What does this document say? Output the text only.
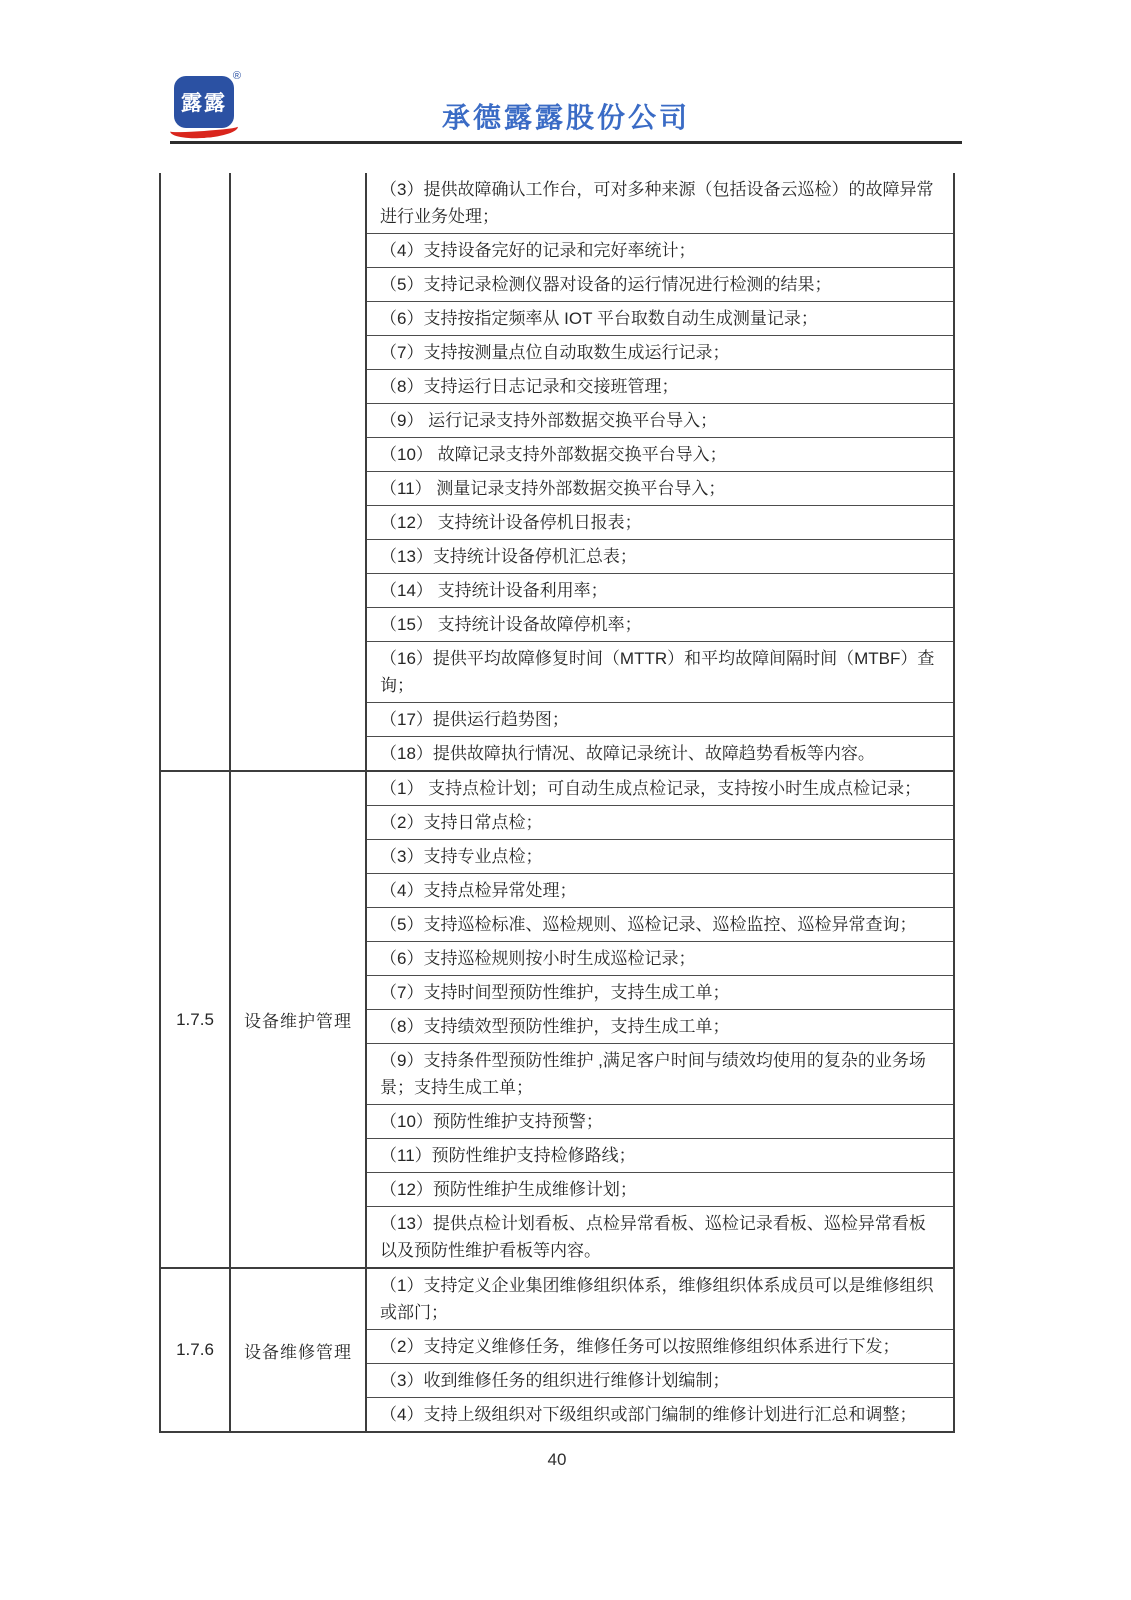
露露
®
承德露露股份公司
（3）提供故障确认工作台，可对多种来源（包括设备云巡检）的故障异常进行业务处理；
（4）支持设备完好的记录和完好率统计；
（5）支持记录检测仪器对设备的运行情况进行检测的结果；
（6）支持按指定频率从 IOT 平台取数自动生成测量记录；
（7）支持按测量点位自动取数生成运行记录；
（8）支持运行日志记录和交接班管理；
（9） 运行记录支持外部数据交换平台导入；
（10） 故障记录支持外部数据交换平台导入；
（11） 测量记录支持外部数据交换平台导入；
（12） 支持统计设备停机日报表；
（13）支持统计设备停机汇总表；
（14） 支持统计设备利用率；
（15） 支持统计设备故障停机率；
（16）提供平均故障修复时间（MTTR）和平均故障间隔时间（MTBF）查询；
（17）提供运行趋势图；
（18）提供故障执行情况、故障记录统计、故障趋势看板等内容。
1.7.5	设备维护管理
（1） 支持点检计划；可自动生成点检记录，支持按小时生成点检记录；
（2）支持日常点检；
（3）支持专业点检；
（4）支持点检异常处理；
（5）支持巡检标准、巡检规则、巡检记录、巡检监控、巡检异常查询；
（6）支持巡检规则按小时生成巡检记录；
（7）支持时间型预防性维护，支持生成工单；
（8）支持绩效型预防性维护，支持生成工单；
（9）支持条件型预防性维护 ,满足客户时间与绩效均使用的复杂的业务场景；支持生成工单；
（10）预防性维护支持预警；
（11）预防性维护支持检修路线；
（12）预防性维护生成维修计划；
（13）提供点检计划看板、点检异常看板、巡检记录看板、巡检异常看板以及预防性维护看板等内容。
1.7.6	设备维修管理
（1）支持定义企业集团维修组织体系，维修组织体系成员可以是维修组织或部门；
（2）支持定义维修任务，维修任务可以按照维修组织体系进行下发；
（3）收到维修任务的组织进行维修计划编制；
（4）支持上级组织对下级组织或部门编制的维修计划进行汇总和调整；
40
